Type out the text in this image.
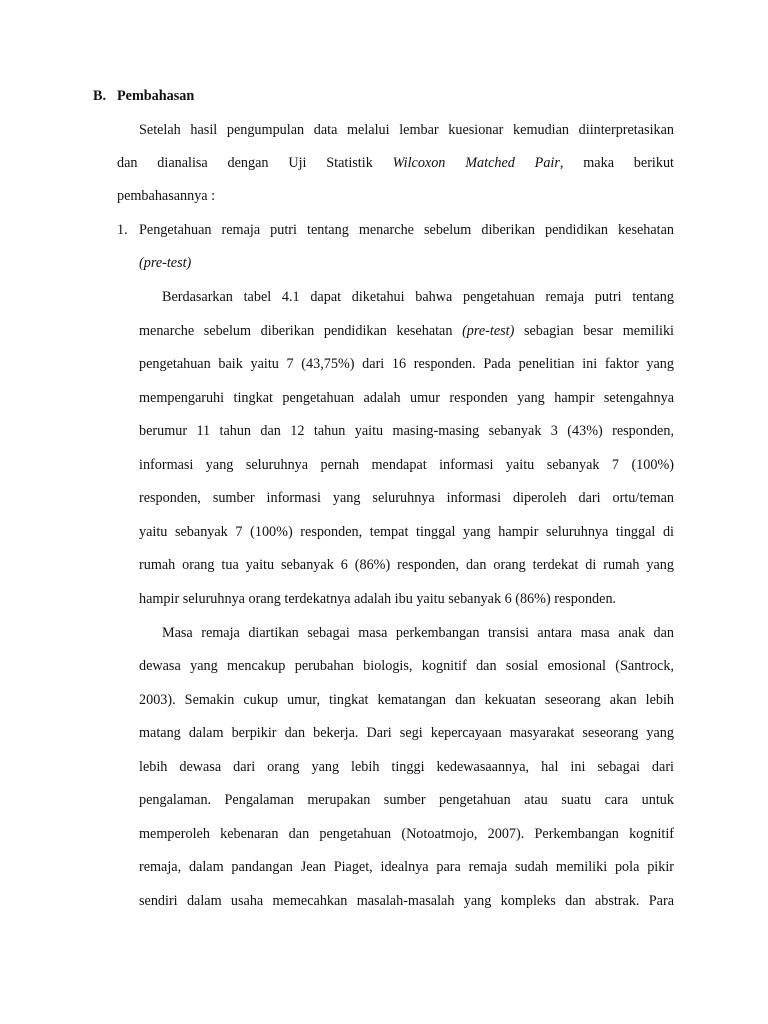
B. Pembahasan
Setelah hasil pengumpulan data melalui lembar kuesionar kemudian diinterpretasikan
dan dianalisa dengan Uji Statistik Wilcoxon Matched Pair, maka berikut
pembahasannya :
1. Pengetahuan remaja putri tentang menarche sebelum diberikan pendidikan kesehatan
(pre-test)
Berdasarkan tabel 4.1 dapat diketahui bahwa pengetahuan remaja putri tentang
menarche sebelum diberikan pendidikan kesehatan (pre-test) sebagian besar memiliki
pengetahuan baik yaitu 7 (43,75%) dari 16 responden. Pada penelitian ini faktor yang
mempengaruhi tingkat pengetahuan adalah umur responden yang hampir setengahnya
berumur 11 tahun dan 12 tahun yaitu masing-masing sebanyak 3 (43%) responden,
informasi yang seluruhnya pernah mendapat informasi yaitu sebanyak 7 (100%)
responden, sumber informasi yang seluruhnya informasi diperoleh dari ortu/teman
yaitu sebanyak 7 (100%) responden, tempat tinggal yang hampir seluruhnya tinggal di
rumah orang tua yaitu sebanyak 6 (86%) responden, dan orang terdekat di rumah yang
hampir seluruhnya orang terdekatnya adalah ibu yaitu sebanyak 6 (86%) responden.
Masa remaja diartikan sebagai masa perkembangan transisi antara masa anak dan
dewasa yang mencakup perubahan biologis, kognitif dan sosial emosional (Santrock,
2003). Semakin cukup umur, tingkat kematangan dan kekuatan seseorang akan lebih
matang dalam berpikir dan bekerja. Dari segi kepercayaan masyarakat seseorang yang
lebih dewasa dari orang yang lebih tinggi kedewasaannya, hal ini sebagai dari
pengalaman. Pengalaman merupakan sumber pengetahuan atau suatu cara untuk
memperoleh kebenaran dan pengetahuan (Notoatmojo, 2007). Perkembangan kognitif
remaja, dalam pandangan Jean Piaget, idealnya para remaja sudah memiliki pola pikir
sendiri dalam usaha memecahkan masalah-masalah yang kompleks dan abstrak. Para
